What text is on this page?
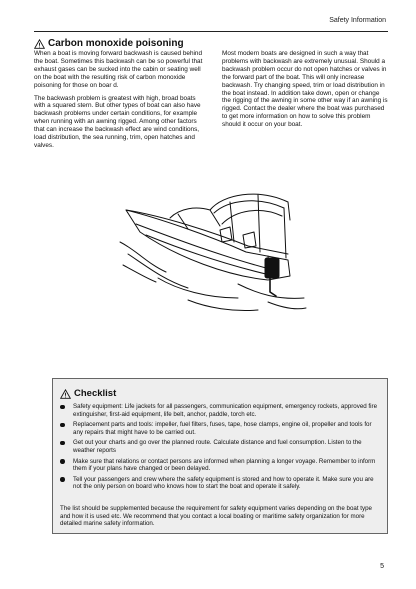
Safety Information
Carbon monoxide poisoning

When a boat is moving forward backwash is caused behind the boat. Sometimes this backwash can be so powerful that exhaust gases can be sucked into the cabin or seating well on the boat with the resulting risk of carbon monoxide poisoning for those on boar d.

The backwash problem is greatest with high, broad boats with a squared stern. But other types of boat can also have backwash problems under certain conditions, for example when running with an awning rigged. Among other factors that can increase the backwash effect are wind conditions, load distribution, the sea running, trim, open hatches and valves.

Most modern boats are designed in such a way that problems with backwash are extremely unusual. Should a backwash problem occur do not open hatches or valves in the forward part of the boat. This will only increase backwash. Try changing speed, trim or load distribution in the boat instead. In addition take down, open or change the rigging of the awning in some other way if an awning is rigged. Contact the dealer where the boat was purchased to get more information on how to solve this problem should it occur on your boat.

Checklist
Safety equipment: Life jackets for all passengers, communication equipment, emergency rockets, approved fire extinguisher, first-aid equipment, life belt, anchor, paddle, torch etc.
Replacement parts and tools: impeller, fuel filters, fuses, tape, hose clamps, engine oil, propeller and tools for any repairs that might have to be carried out.
Get out your charts and go over the planned route. Calculate distance and fuel consumption. Listen to the weather reports
Make sure that relations or contact persons are informed when planning a longer voyage. Remember to inform them if your plans have changed or been delayed.
Tell your passengers and crew where the safety equipment is stored and how to operate it. Make sure you are not the only person on board who knows how to start the boat and operate it safely.

The list should be supplemented because the requirement for safety equipment varies depending on the boat type and how it is used etc. We recommend that you contact a local boating or maritime safety organization for more detailed marine safety information.

5
